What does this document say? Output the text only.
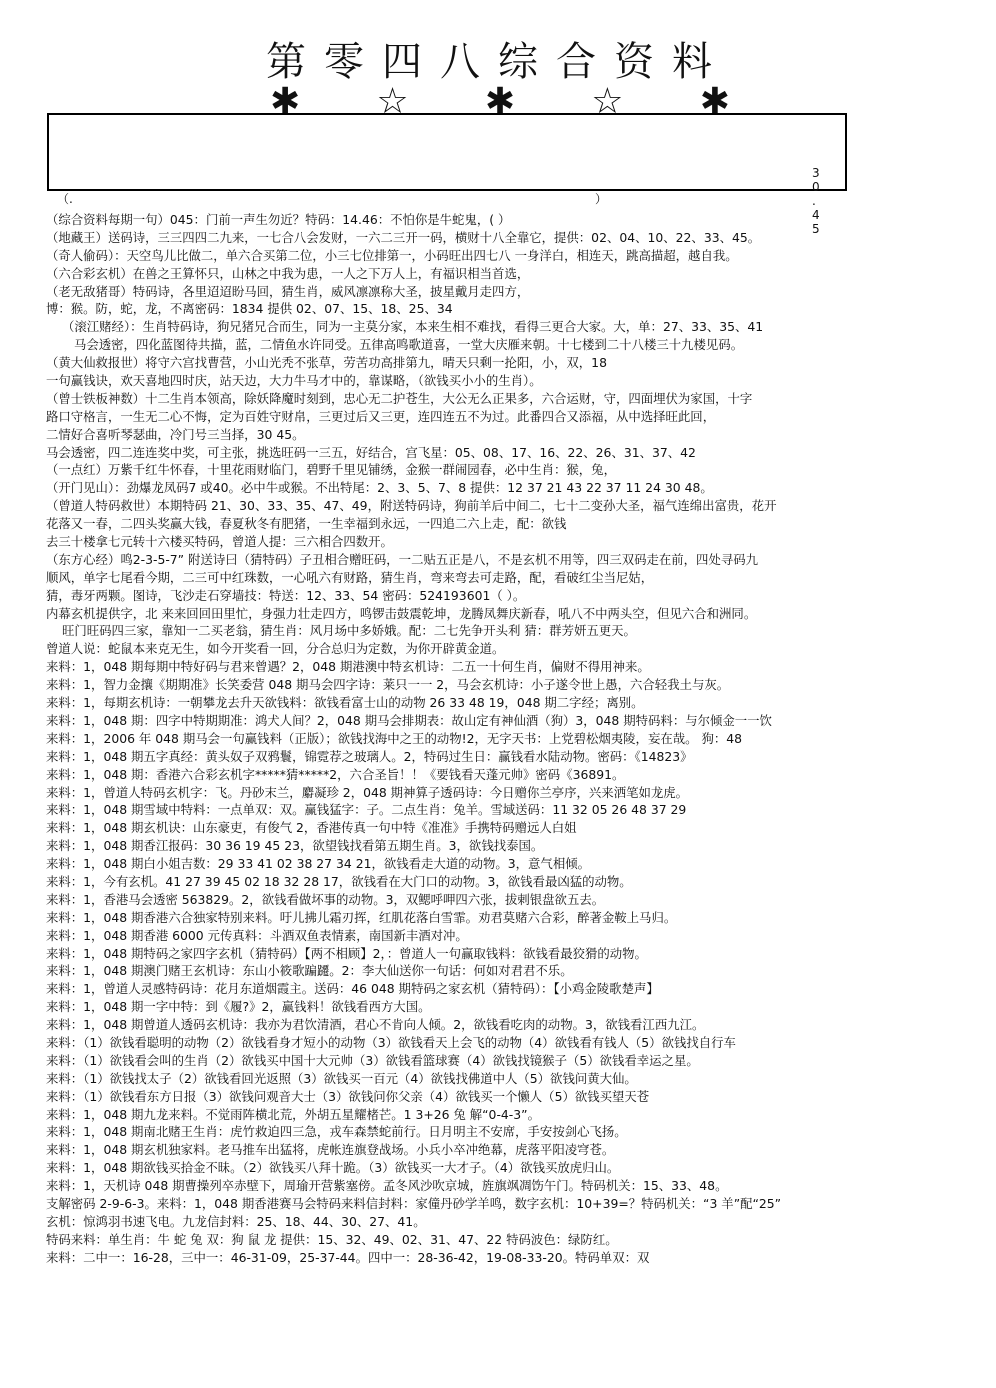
第零四八综合资料
✱ ☆ ✱ ☆ ✱
（.	）
3 0 . 4 5
（综合资料每期一句）045：门前一声生勿近？特码：14.46：不怕你是牛蛇鬼，( ）
（地藏王）送码诗，三三四四二九来，一七合八会发财，一六二三开一码，横财十八全靠它，提供：02、04、10、22、33、45。
（奇人偷码）：天空鸟儿比做二，单六合买第二位，小三七位排第一，小码旺出四七八 一身洋白，相连天，跳高描超，越自我。
（六合彩玄机）在兽之王算怀只，山林之中我为患，一人之下万人上，有福识相当首选，
（老无敌猪哥）特码诗，各里迢迢盼马回，猜生肖，威风凛凛称大圣，披星戴月走四方，
博：猴。防，蛇，龙，不离密码：1834 提供 02、07、15、18、25、34
（滚江赌经）：生肖特码诗，狗兄猪兄合而生，同为一主莫分家，本来生相不难找，看得三更合大家。大，单：27、33、35、41
马会透密，四化蓝图待共描，蓝，二情鱼水许同受。五律高鸣歌道喜，一堂大庆雁来朝。十七楼到二十八楼三十九楼见码。
（黄大仙救报世）将守六宫找曹营，小山光秃不张草，劳苦功高排第九，晴天只剩一抡阳，小，双，18
一句赢钱诀，欢天喜地四时庆，站天边，大力牛马才中的，靠谋略，（欲钱买小小的生肖）。
（曾士铁板神数）十二生肖本领高，除妖降魔时刻到，忠心无二护苍生，大公无么正果多，六合运财，守，四面埋伏为家国，十字
路口守格言，一生无二心不悔，定为百姓守财帛，三更过后又三更，连四连五不为过。此番四合又添福，从中选择旺此回，
二情好合喜听琴瑟曲，冷门号三当择，30 45。
马会透密，四二连连奖中奖，可主张，挑选旺码一三五，好结合，宫飞星：05、08、17、16、22、26、31、37、42
（一点红）万紫千红牛怀春，十里花雨财临门，碧野千里见铺绣，金猴一群闹园春，必中生肖：猴，兔，
（开门见山）：劲爆龙凤码7 或40。必中牛或猴。不出特尾：2、3、5、7、8 提供：12 37 21 43 22 37 11 24 30 48。
（曾道人特码救世）本期特码 21、30、33、35、47、49，附送特码诗，狗前羊后中间二，七十二变孙大圣，福气连绵出富贵，花开
花落又一春，二四头奖赢大钱，春夏秋冬有肥猪，一生幸福到永远，一四追二六上走，配：欲钱
去三十楼拿七元转十六楼买特码，曾道人提：三六相合四数开。
（东方心经）鸣2-3-5-7” 附送诗曰（猜特码）子丑相合赠旺码，一二贴五正是八，不是玄机不用等，四三双码走在前，四处寻码九
顺风，单字七尾看今期，二三可中红珠数，一心吼六有财路，猜生肖，弯来弯去可走路，配，看破红尘当尼姑，
猜，毒牙两颗。图诗，飞沙走石穿墙技：特送：12、33、54 密码：524193601（ ）。
内幕玄机提供字，北 来来回回田里忙，身强力壮走四方，鸣锣击鼓震乾坤，龙腾凤舞庆新春，吼八不中两头空，但见六合和洲同。
旺门旺码四三家，靠知一二买老翁，猜生肖：风月场中多娇娥。配：二七先争开头利 猜：群芳妍五更天。
曾道人说：蛇鼠本来克无生，如今开奖看一回，分合总归为定数，为你开辟黄金道。
来料：1，048 期每期中特好码与君来曾遇？2，048 期港澳中特玄机诗：二五一十何生肖，偏财不得用神来。
来料：1，智力金攘《期期准》长笑委营 048 期马会四字诗：莱只一一 2，马会玄机诗：小子遂令世上愚，六合轻我土与灰。
来料：1，每期玄机诗：一朝攀龙去升天欲钱料：欲钱看富士山的动物 26 33 48 19，048 期二字经；离别。
来料：1，048 期：四字中特期期准：鸿犬人间？2，048 期马会排期表：故山定有神仙酒（狗）3，048 期特码料：与尔倾金一一饮
来料：1，2006 年 048 期马会一句赢钱料（正版）；欲钱找海中之王的动物!2，无字天书：上党碧松烟夷陵，妄在哉。 狗：48
来料：1，048 期五字真经：黄头奴子双鸦鬟，锦霓荐之玻璃人。2，特码过生日：赢钱看水陆动物。密码：《14823》
来料：1，048 期：香港六合彩玄机字*****猜*****2，六合圣旨！！《要钱看天蓬元帅》密码《36891。
来料：1，曾道人特码玄机字：飞。丹砂末兰，麝凝珍 2，048 期神算子透码诗：今日赠你兰亭序，兴来洒笔如龙虎。
来料：1，048 期雪域中特料：一点单双：双。赢钱猛字：子。二点生肖：兔羊。雪域送码：11 32 05 26 48 37 29
来料：1，048 期玄机诀：山东豪吏，有俊气 2，香港传真一句中特《准准》手携特码赠远人白姐
来料：1，048 期香江报码：30 36 19 45 23，欲望钱找看第五期生肖。3，欲钱找泰国。
来料：1，048 期白小姐吉数：29 33 41 02 38 27 34 21，欲钱看走大道的动物。3，意气相倾。
来料：1，今有玄机。41 27 39 45 02 18 32 28 17，欲钱看在大门口的动物。3，欲钱看最凶猛的动物。
来料：1，香港马会透密 563829。2，欲钱看做坏事的动物。3，双鳃呼呷四六张，拔剌银盘欲五去。
来料：1，048 期香港六合独家特别来料。吁儿拂儿霜刃挥，红肌花落白雪霏。劝君莫赌六合彩，醉著金鞍上马归。
来料：1，048 期香港 6000 元传真料：斗酒双鱼表情素，南国新丰酒对冲。
来料：1，048 期特码之家四字玄机（猜特码）【两不相顾】2，：曾道人一句赢取钱料：欲钱看最狡猾的动物。
来料：1，048 期澳门赌王玄机诗：东山小筱歌蹁躚。2：李大仙送你一句话：何如对君君不乐。
来料：1，曾道人灵感特码诗：花月东道烟霞主。送码：46 048 期特码之家玄机（猜特码）：【小鸡金陵歌楚声】
来料：1，048 期一字中特：到《履?》2，赢钱料！欲钱看西方大国。
来料：1，048 期曾道人透码玄机诗：我亦为君饮清酒，君心不肯向人倾。2，欲钱看吃肉的动物。3，欲钱看江西九江。
来料：（1）欲钱看聪明的动物（2）欲钱看身才短小的动物（3）欲钱看天上会飞的动物（4）欲钱看有钱人（5）欲钱找自行车
来料：（1）欲钱看会叫的生肖（2）欲钱买中国十大元帅（3）欲钱看篮球赛（4）欲钱找镜猴子（5）欲钱看幸运之星。
来料：（1）欲钱找太子（2）欲钱看回光返照（3）欲钱买一百元（4）欲钱找佛道中人（5）欲钱问黄大仙。
来料：（1）欲钱看东方日报（3）欲钱问观音大士（3）欲钱问你父亲（4）欲钱买一个懒人（5）欲钱买望天苍
来料：1，048 期九龙来料。不觉雨阵横北荒，外胡五星耀楮芒。1 3+26 兔 解“0-4-3”。
来料：1，048 期南北赌王生肖：虎竹救迫四三急，戎车森禁蛇前行。日月明主不安席，手安按剑心飞扬。
来料：1，048 期玄机独家料。老马推车出猛将，虎帐连旗登战场。小兵小卒冲绝幕，虎落平阳凌穹苍。
来料：1，048 期欲钱买拾金不昧。（2）欲钱买八拜十跪。（3）欲钱买一大才子。（4）欲钱买放虎归山。
来料：1，天机诗 048 期曹操列卒赤壁下，周瑜开营紫塞傍。孟冬风沙吹京城，旌旗飒凋饬午门。特码机关：15、33、48。
支解密码 2-9-6-3。来料：1，048 期香港赛马会特码来料信封料：家僮丹砂学羊鸣，数字玄机：10+39=？特码机关：“3 羊”配“25”
玄机：惊鸿羽书速飞电。九龙信封料：25、18、44、30、27、41。
特码来料：单生肖：牛 蛇 兔 双：狗 鼠 龙 提供：15、32、49、02、31、47、22 特码波色：绿防红。
来料：二中一：16-28，三中一：46-31-09，25-37-44。四中一：28-36-42，19-08-33-20。特码单双：双
